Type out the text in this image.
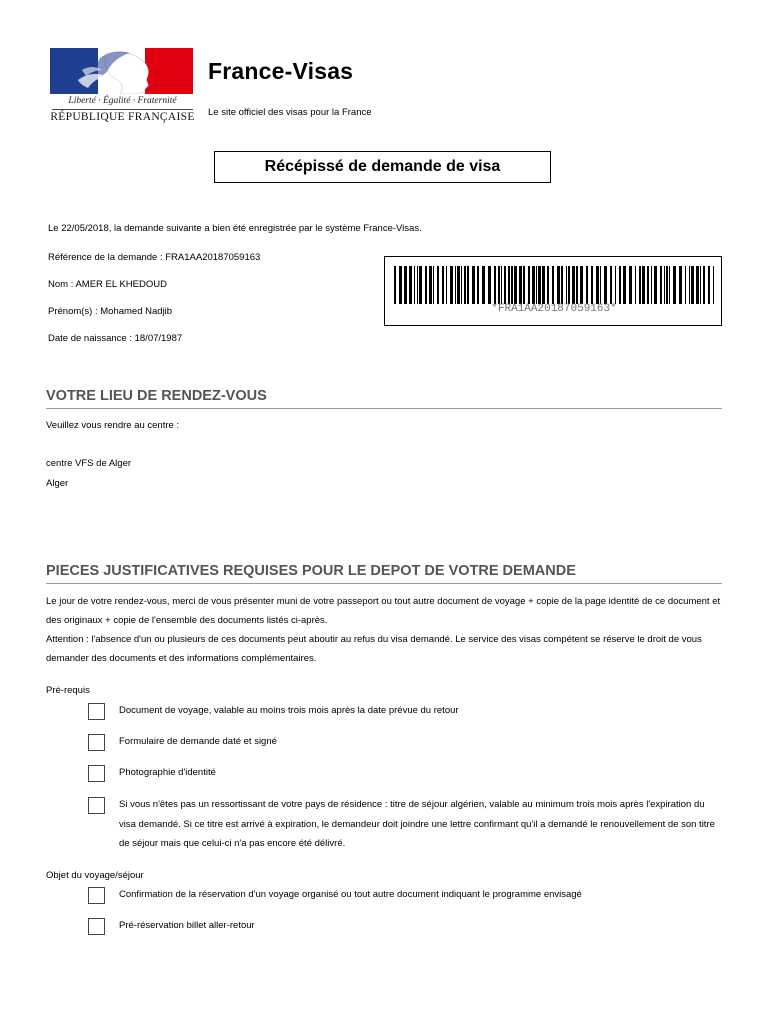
Liberté · Égalité · Fraternité
RÉPUBLIQUE FRANÇAISE
France-Visas
Le site officiel des visas pour la France
Récépissé de demande de visa
Le 22/05/2018, la demande suivante a bien été enregistrée par le système France-Visas.
Référence de la demande : FRA1AA20187059163
Nom : AMER EL KHEDOUD
Prénom(s) : Mohamed Nadjib
Date de naissance : 18/07/1987
*FRA1AA20187059163*
VOTRE LIEU DE RENDEZ-VOUS
Veuillez vous rendre au centre :
centre VFS de Alger
Alger
PIECES JUSTIFICATIVES REQUISES POUR LE DEPOT DE VOTRE DEMANDE
Le jour de votre rendez-vous, merci de vous présenter muni de votre passeport ou tout autre document de voyage + copie de la page identité de ce document et des originaux + copie de l'ensemble des documents listés ci-après.
Attention : l'absence d'un ou plusieurs de ces documents peut aboutir au refus du visa demandé. Le service des visas compétent se réserve le droit de vous demander des documents et des informations complémentaires.
Pré-requis
Document de voyage, valable au moins trois mois après la date prévue du retour
Formulaire de demande daté et signé
Photographie d'identité
Si vous n'êtes pas un ressortissant de votre pays de résidence : titre de séjour algérien, valable au minimum trois mois après l'expiration du visa demandé. Si ce titre est arrivé à expiration, le demandeur doit joindre une lettre confirmant qu'il a demandé le renouvellement de son titre de séjour mais que celui-ci n'a pas encore été délivré.
Objet du voyage/séjour
Confirmation de la réservation d'un voyage organisé ou tout autre document indiquant le programme envisagé
Pré-réservation billet aller-retour
